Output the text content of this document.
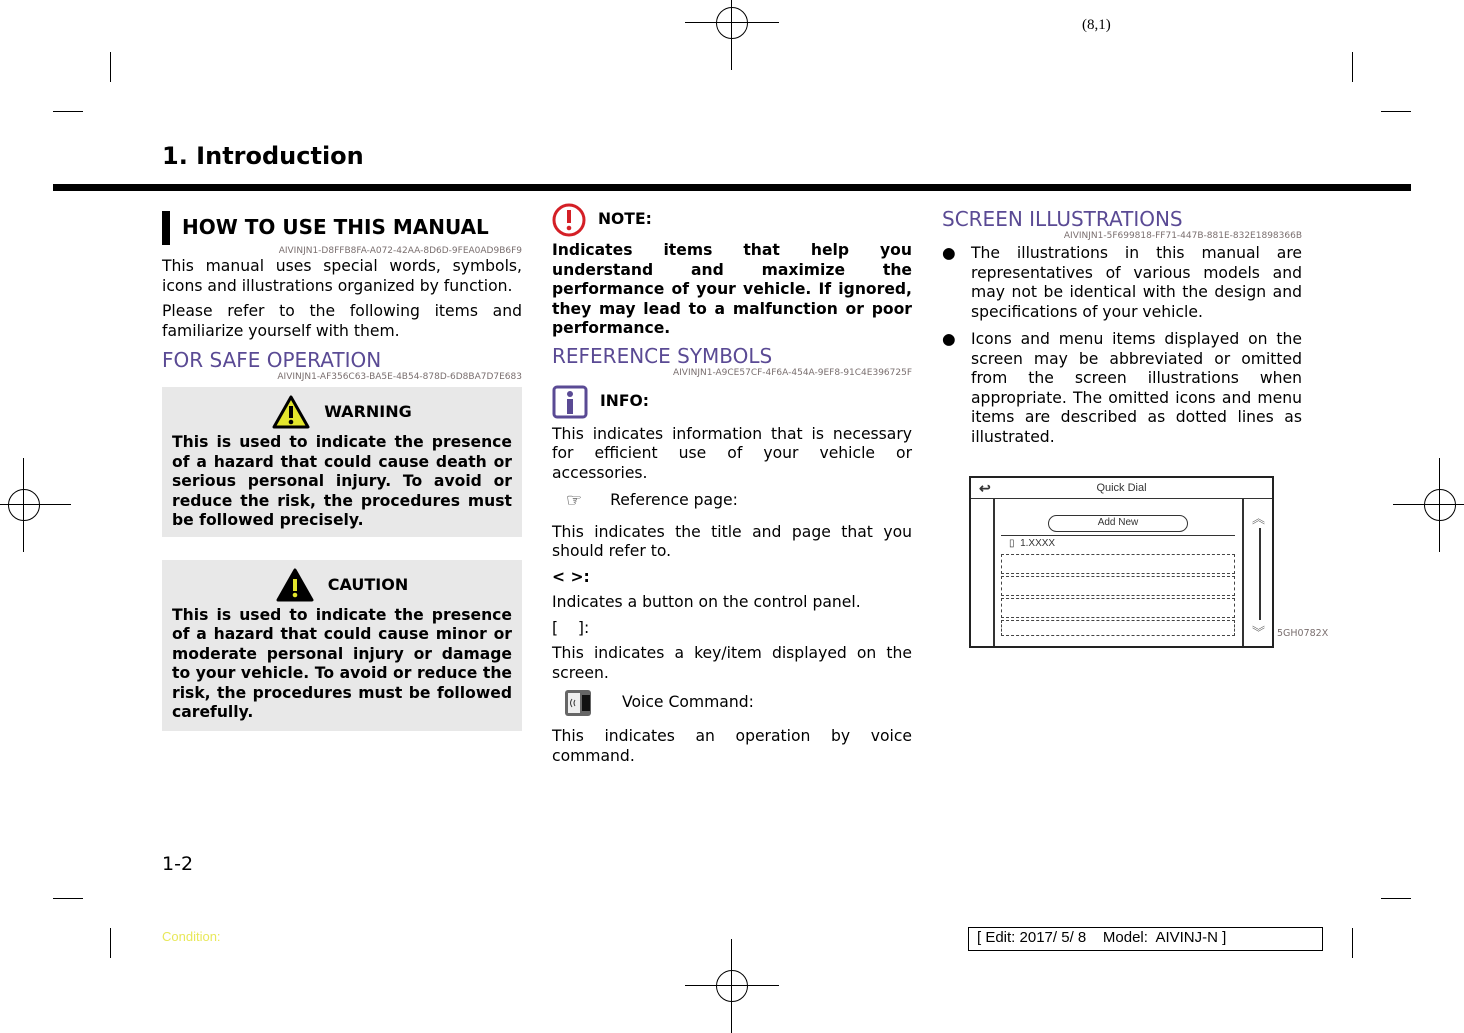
(8,1)
1. Introduction
HOW TO USE THIS MANUAL
AIVINJN1-D8FFB8FA-A072-42AA-8D6D-9FEA0AD9B6F9
This manual uses special words, symbols, icons and illustrations organized by function.
Please refer to the following items and familiarize yourself with them.
FOR SAFE OPERATION
AIVINJN1-AF356C63-BA5E-4B54-878D-6D8BA7D7E683
WARNING
This is used to indicate the presence of a hazard that could cause death or serious personal injury. To avoid or reduce the risk, the procedures must be followed precisely.
CAUTION
This is used to indicate the presence of a hazard that could cause minor or moderate personal injury or damage to your vehicle. To avoid or reduce the risk, the procedures must be followed carefully.
NOTE:
Indicates items that help you understand and maximize the performance of your vehicle. If ignored, they may lead to a malfunction or poor performance.
REFERENCE SYMBOLS
AIVINJN1-A9CE57CF-4F6A-454A-9EF8-91C4E396725F
INFO:
This indicates information that is necessary for efficient use of your vehicle or accessories.
☞ Reference page:
This indicates the title and page that you should refer to.
< >:
Indicates a button on the control panel.
[    ]:
This indicates a key/item displayed on the screen.
Voice Command:
This indicates an operation by voice command.
SCREEN ILLUSTRATIONS
AIVINJN1-5F699818-FF71-447B-881E-832E1898366B
● The illustrations in this manual are representatives of various models and may not be identical with the design and specifications of your vehicle.
● Icons and menu items displayed on the screen may be abbreviated or omitted from the screen illustrations when appropriate. The omitted icons and menu items are described as dotted lines as illustrated.
↩	Quick Dial
Add New
▯ 1.XXXX
︽
︾ 5GH0782X
1-2
Condition:	[ Edit: 2017/ 5/ 8    Model:  AIVINJ-N ]
